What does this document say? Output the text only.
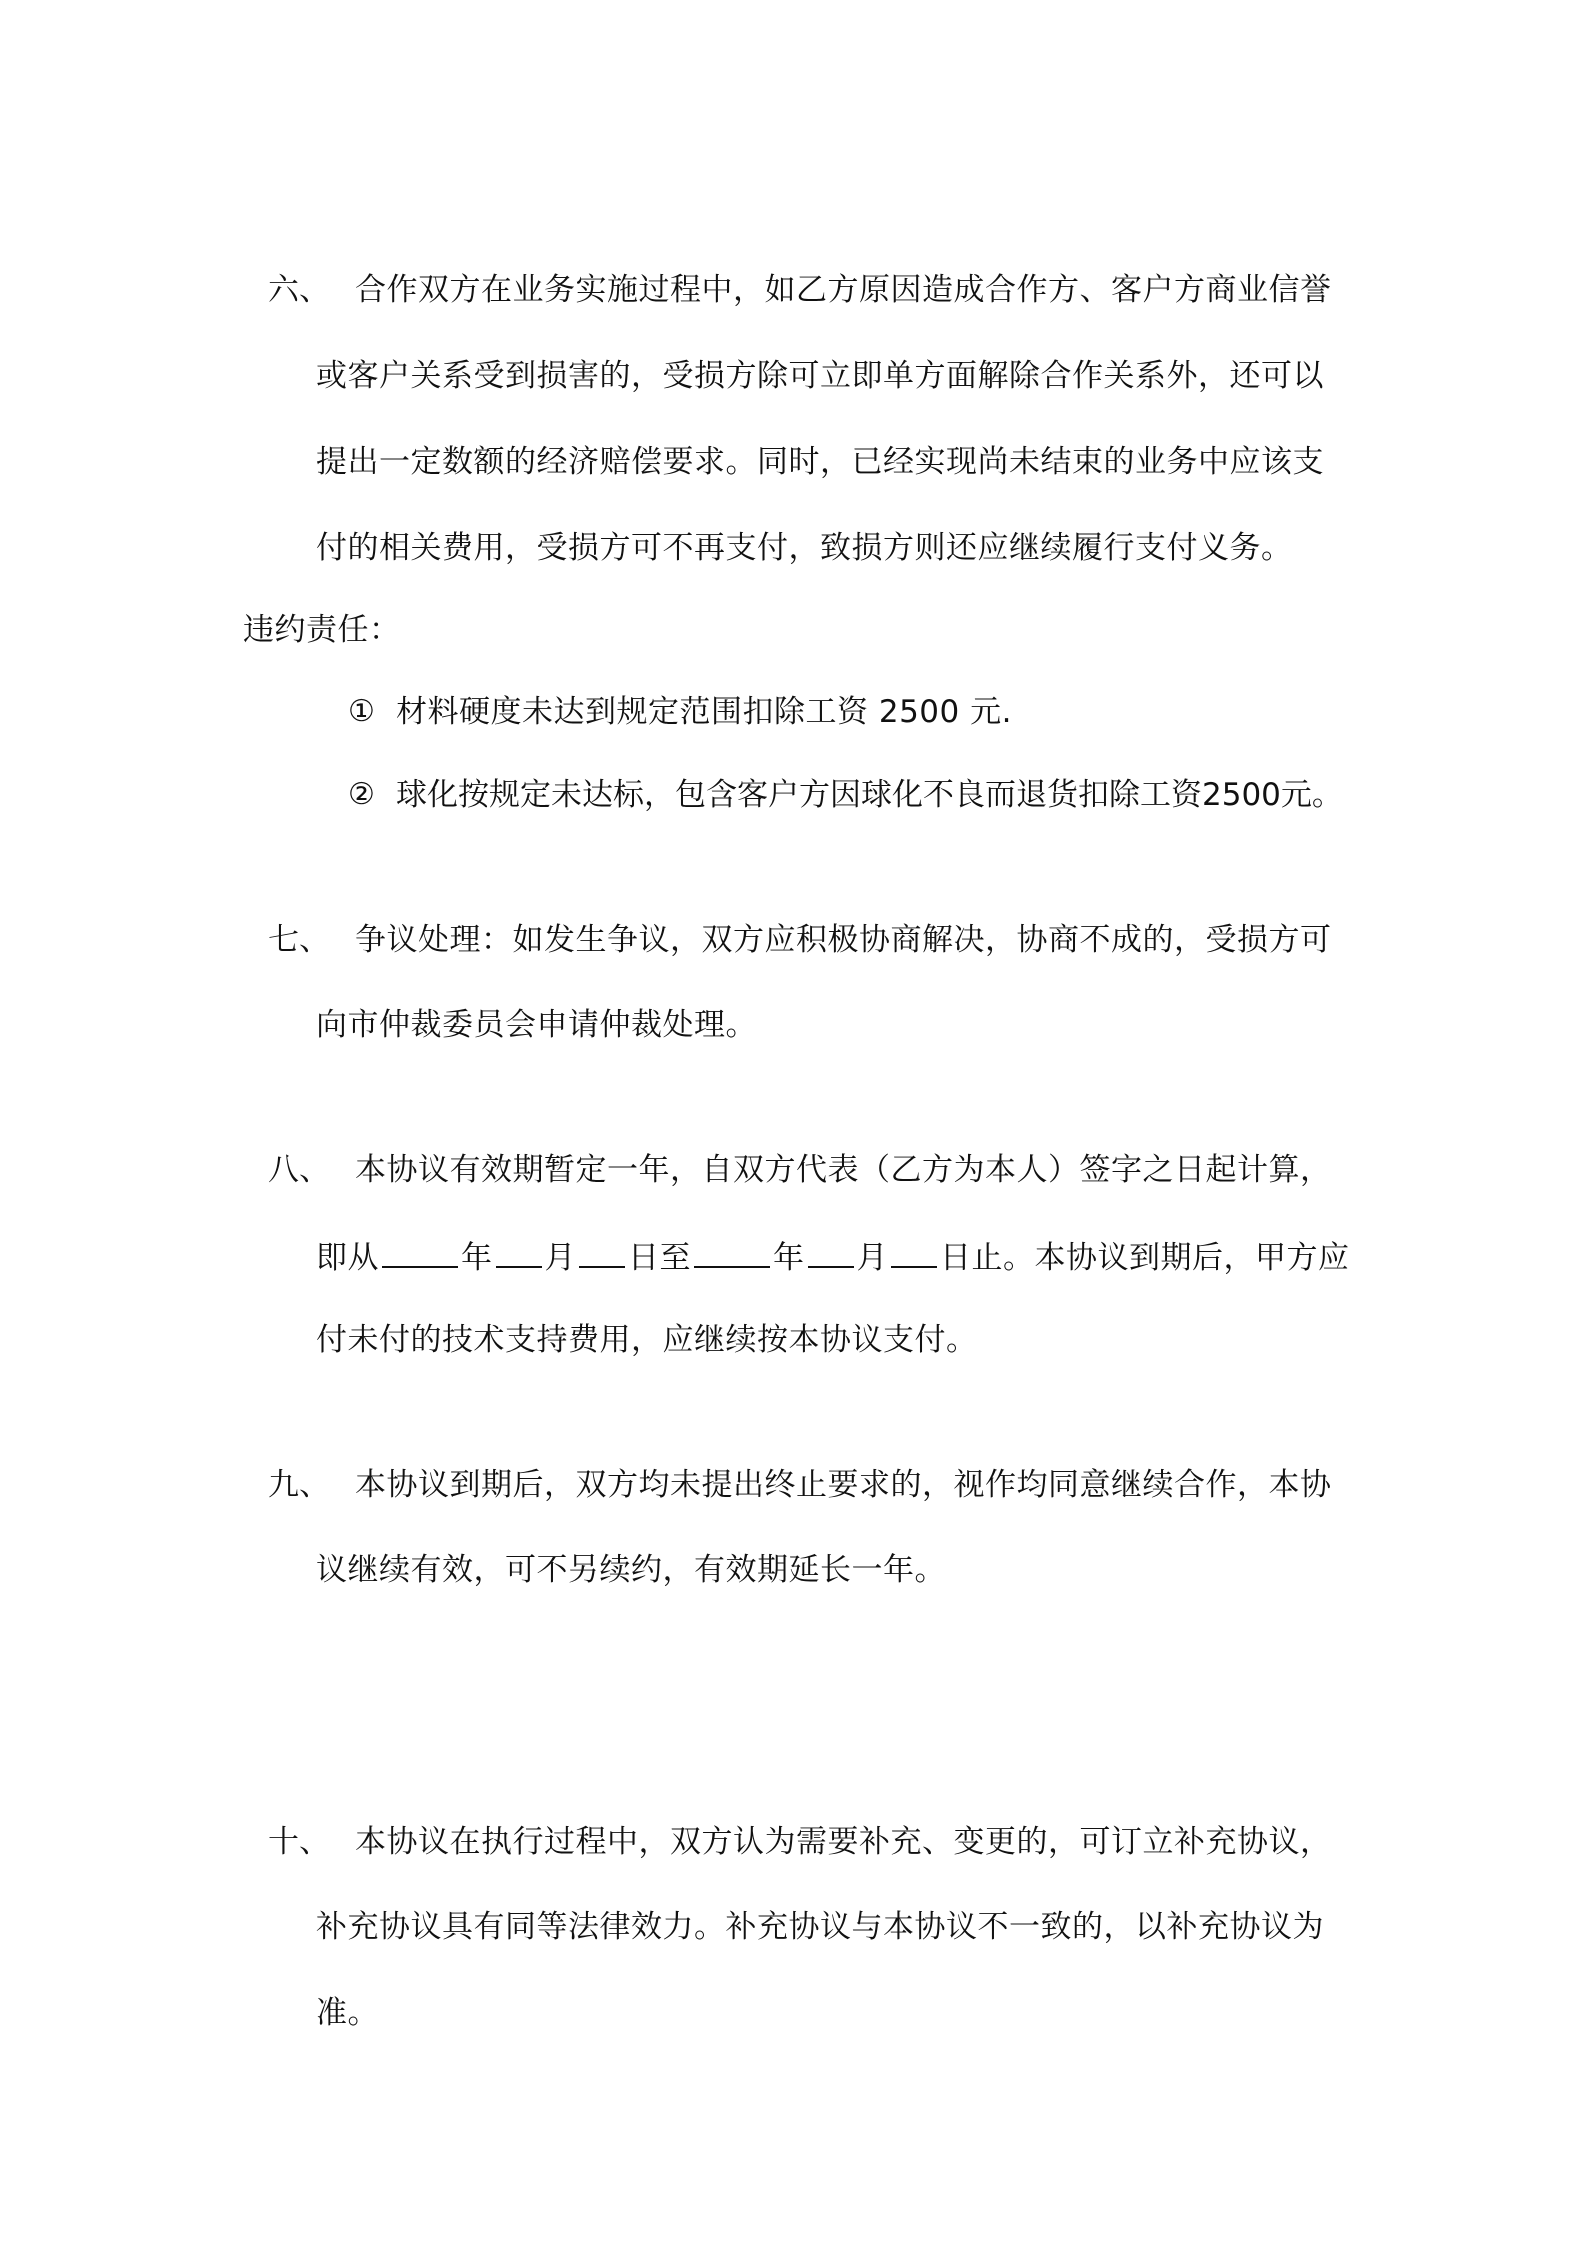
六、 合作双方在业务实施过程中，如乙方原因造成合作方、客户方商业信誉
或客户关系受到损害的，受损方除可立即单方面解除合作关系外，还可以
提出一定数额的经济赔偿要求。同时，已经实现尚未结束的业务中应该支
付的相关费用，受损方可不再支付，致损方则还应继续履行支付义务。
违约责任：
① 材料硬度未达到规定范围扣除工资 2500 元.
② 球化按规定未达标，包含客户方因球化不良而退货扣除工资2500元。
七、 争议处理：如发生争议，双方应积极协商解决，协商不成的，受损方可
向市仲裁委员会申请仲裁处理。
八、 本协议有效期暂定一年，自双方代表（乙方为本人）签字之日起计算，
即从	年 月 日至	年 月 日止。本协议到期后，甲方应
付未付的技术支持费用，应继续按本协议支付。
九、 本协议到期后，双方均未提出终止要求的，视作均同意继续合作，本协
议继续有效，可不另续约，有效期延长一年。
十、 本协议在执行过程中，双方认为需要补充、变更的，可订立补充协议，
补充协议具有同等法律效力。补充协议与本协议不一致的，以补充协议为
准。
